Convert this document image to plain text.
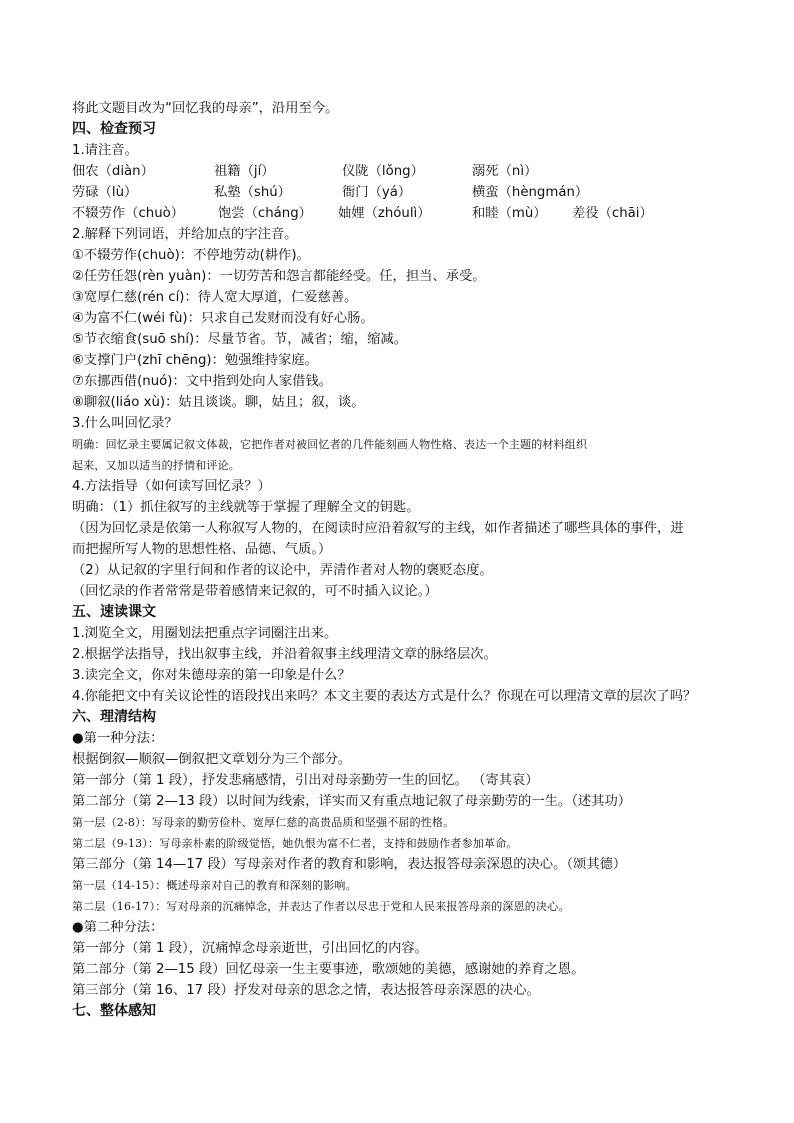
将此文题目改为“回忆我的母亲”，沿用至今。
四、检查预习
1.请注音。
佃农（diàn）	祖籍（jí）	仪陇（lǒng）	溺死（nì）
劳碌（lù）	私塾（shú）	衙门（yá）	横蛮（hèngmán）
不辍劳作（chuò）	饱尝（cháng） 妯娌（zhóulì）	和睦（mù） 差役（chāi）
2.解释下列词语，并给加点的字注音。
①不辍劳作(chuò)：不停地劳动(耕作)。
②任劳任怨(rèn yuàn)：一切劳苦和怨言都能经受。任，担当、承受。
③宽厚仁慈(rén cí)：待人宽大厚道，仁爱慈善。
④为富不仁(wéi fù)：只求自己发财而没有好心肠。
⑤节衣缩食(suō shí)：尽量节省。节，减省；缩，缩减。
⑥支撑门户(zhī chēng)：勉强维持家庭。
⑦东挪西借(nuó)：文中指到处向人家借钱。
⑧聊叙(liáo xù)：姑且谈谈。聊，姑且；叙，谈。
3.什么叫回忆录？
明确：回忆录主要属记叙文体裁，它把作者对被回忆者的几件能刻画人物性格、表达一个主题的材料组织
起来，又加以适当的抒情和评论。
4.方法指导（如何读写回忆录？）
明确：（1）抓住叙写的主线就等于掌握了理解全文的钥匙。
（因为回忆录是依第一人称叙写人物的，在阅读时应沿着叙写的主线，如作者描述了哪些具体的事件，进
而把握所写人物的思想性格、品德、气质。）
（2）从记叙的字里行间和作者的议论中，弄清作者对人物的褒贬态度。
（回忆录的作者常常是带着感情来记叙的，可不时插入议论。）
五、速读课文
1.浏览全文，用圈划法把重点字词圈注出来。
2.根据学法指导，找出叙事主线，并沿着叙事主线理清文章的脉络层次。
3.读完全文，你对朱德母亲的第一印象是什么？
4.你能把文中有关议论性的语段找出来吗？本文主要的表达方式是什么？你现在可以理清文章的层次了吗？
六、理清结构
●第一种分法：
根据倒叙—顺叙—倒叙把文章划分为三个部分。
第一部分（第 1 段），抒发悲痛感情，引出对母亲勤劳一生的回忆。 （寄其哀）
第二部分（第 2—13 段）以时间为线索，详实而又有重点地记叙了母亲勤劳的一生。（述其功）
第一层（2-8）：写母亲的勤劳俭朴、宽厚仁慈的高贵品质和坚强不屈的性格。
第二层（9-13）：写母亲朴素的阶级觉悟，她仇恨为富不仁者，支持和鼓励作者参加革命。
第三部分（第 14—17 段）写母亲对作者的教育和影响，表达报答母亲深恩的决心。（颂其德）
第一层（14-15）：概述母亲对自己的教育和深刻的影响。
第二层（16-17）：写对母亲的沉痛悼念，并表达了作者以尽忠于党和人民来报答母亲的深恩的决心。
●第二种分法：
第一部分（第 1 段），沉痛悼念母亲逝世，引出回忆的内容。
第二部分（第 2—15 段）回忆母亲一生主要事迹，歌颂她的美德，感谢她的养育之恩。
第三部分（第 16、17 段）抒发对母亲的思念之情，表达报答母亲深恩的决心。
七、整体感知
